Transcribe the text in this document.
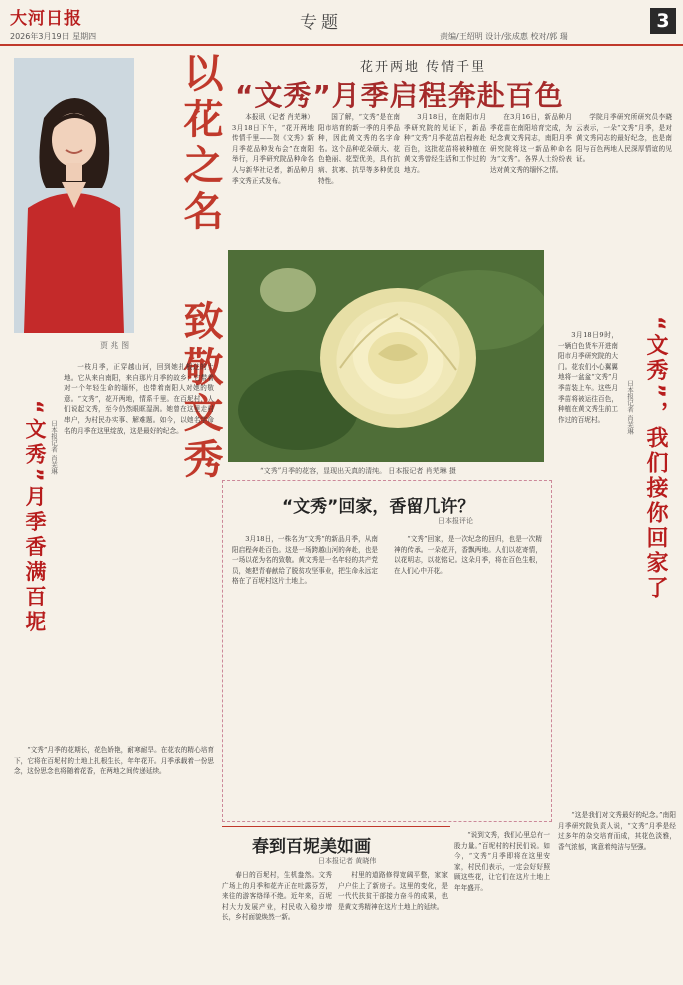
大河日报	专题	3
2026年3月19日 星期四	责编/王绍明 设计/张成惠 校对/郭 瑞
贾 兆 图
以花之名
致敬文秀
花开两地 传情千里
“文秀”月季启程奔赴百色

本报讯（记者 肖芜琳）3月18日下午，“花开两地 传情千里——贺《文秀》新月季花品种发布会”在南阳举行，月季研究院品种命名人与新华社记者，新品种月季文秀正式发布。

国了解，“文秀”是在南阳市培育的新一季的月季品种，因此黄文秀的名字命名。这个品种花朵硕大、花色艳丽、花型优美，具有抗病、抗寒、抗旱等多种优良特性。

3月18日，在南阳市月季研究院的见证下，新品种“文秀”月季花苗启程奔赴百色，这批花苗将被种植在黄文秀曾经生活和工作过的地方。

在3月16日，新品种月季花苗在南阳培育完成，为纪念黄文秀同志，南阳月季研究院将这一新品种命名为“文秀”。各界人士纷纷表达对黄文秀的缅怀之情。

学院月季研究所研究员李晓云表示，一朵“文秀”月季，是对黄文秀同志的最好纪念，也是南阳与百色两地人民深厚情谊的见证。

“文秀”月季的花容，显现出天真的清纯。 日本报记者 肖芜琳 摄
“文秀”月季香满百坭 日本报记者 肖芜琳

一枝月季，正穿越山河，回到她扎根过的土地。它从来自南阳，来自那片月季的故乡；它带着对一个年轻生命的缅怀，也带着南阳人对她的敬意。“文秀”，花开两地，情系千里。在百坭村，人们说起文秀，至今仍然眼眶湿润。她曾在这里走村串户，为村民办实事、解难题。如今，以她名字命名的月季在这里绽放，这是最好的纪念。

“文秀”月季的花期长，花色娇艳，耐寒耐旱。在花农的精心培育下，它将在百坭村的土地上扎根生长，年年花开。月季承载着一份思念，这份思念也将随着花香，在两地之间传递延续。

“文秀”回家，香留几许？
日本报评论

3月18日，一株名为“文秀”的新品月季，从南阳启程奔赴百色。这是一场跨越山河的奔赴，也是一场以花为名的致敬。黄文秀是一名年轻的共产党员，她把青春献给了脱贫攻坚事业，把生命永远定格在了百坭村这片土地上。

“文秀”回家，是一次纪念的回归，也是一次精神的传承。一朵花开，香飘两地。人们以花寄情，以花明志，以花铭记。这朵月季，将在百色生根，在人们心中开花。	“文秀”，我们接你回家了
日本报记者 肖芜琳

3月18日9时，一辆白色货车开进南阳市月季研究院的大门。花农们小心翼翼地将一盆盆“文秀”月季苗装上车。这些月季苗将被运往百色，种植在黄文秀生前工作过的百坭村。

“这是我们对文秀最好的纪念。”南阳月季研究院负责人说，“文秀”月季是经过多年的杂交培育而成，其花色淡雅，香气浓郁，寓意着纯洁与坚强。

“说到文秀，我们心里总有一股力量。”百坭村的村民们说。如今，“文秀”月季即将在这里安家，村民们表示，一定会好好照顾这些花，让它们在这片土地上年年盛开。

春到百坭美如画
日本报记者 黄晓伟

春日的百坭村，生机盎然。文秀广场上的月季和花卉正在吐露芬芳，来往的游客络绎不绝。近年来，百坭村大力发展产业，村民收入稳步增长，乡村面貌焕然一新。

村里的道路修得宽阔平整，家家户户住上了新房子。这里的变化，是一代代扶贫干部接力奋斗的成果，也是黄文秀精神在这片土地上的延续。
